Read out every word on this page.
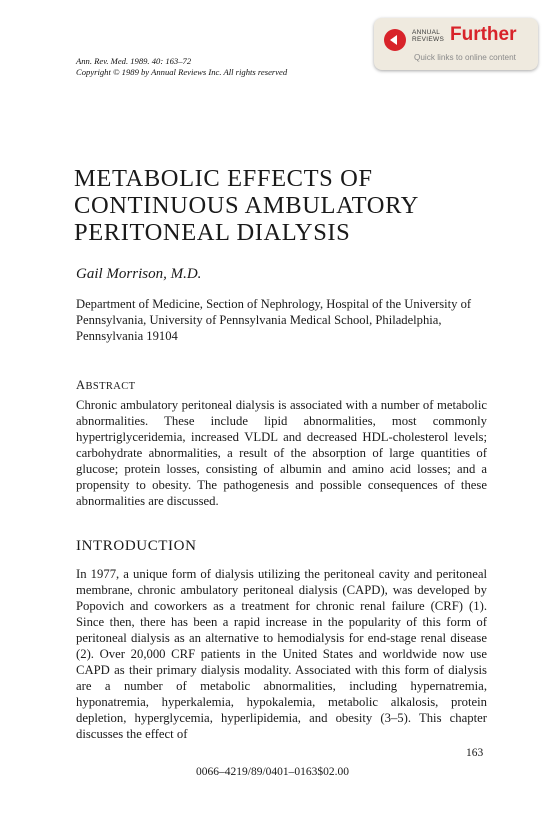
Ann. Rev. Med. 1989. 40: 163–72
Copyright © 1989 by Annual Reviews Inc. All rights reserved
ANNUAL
REVIEWS Further
Quick links to online content
METABOLIC EFFECTS OF
CONTINUOUS AMBULATORY
PERITONEAL DIALYSIS
Gail Morrison, M.D.
Department of Medicine, Section of Nephrology, Hospital of the University of Pennsylvania, University of Pennsylvania Medical School, Philadelphia, Pennsylvania 19104
ABSTRACT
Chronic ambulatory peritoneal dialysis is associated with a number of metabolic abnormalities. These include lipid abnormalities, most commonly hypertriglyceridemia, increased VLDL and decreased HDL-cholesterol levels; carbohydrate abnormalities, a result of the absorption of large quantities of glucose; protein losses, consisting of albumin and amino acid losses; and a propensity to obesity. The pathogenesis and possible consequences of these abnormalities are discussed.
INTRODUCTION
In 1977, a unique form of dialysis utilizing the peritoneal cavity and peritoneal membrane, chronic ambulatory peritoneal dialysis (CAPD), was developed by Popovich and coworkers as a treatment for chronic renal failure (CRF) (1). Since then, there has been a rapid increase in the popularity of this form of peritoneal dialysis as an alternative to hemodialysis for end-stage renal disease (2). Over 20,000 CRF patients in the United States and worldwide now use CAPD as their primary dialysis modality. Associated with this form of dialysis are a number of metabolic abnormalities, including hypernatremia, hyponatremia, hyperkalemia, hypokalemia, metabolic alkalosis, protein depletion, hyperglycemia, hyperlipidemia, and obesity (3–5). This chapter discusses the effect of
163
0066–4219/89/0401–0163$02.00
